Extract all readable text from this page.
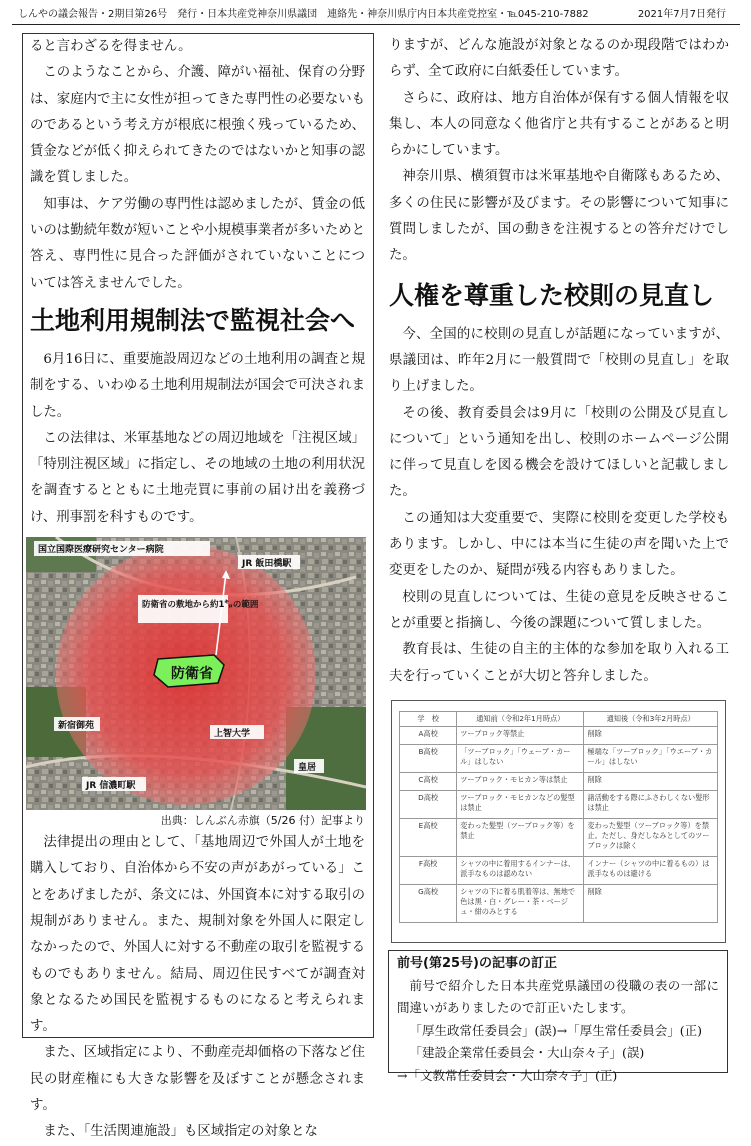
しんやの議会報告・2期目第26号　発行・日本共産党神奈川県議団　連絡先・神奈川県庁内日本共産党控室・℡045-210-7882	2021年7月7日発行

ると言わざるを得ません。

このようなことから、介護、障がい福祉、保育の分野は、家庭内で主に女性が担ってきた専門性の必要ないものであるという考え方が根底に根強く残っているため、賃金などが低く抑えられてきたのではないかと知事の認識を質しました。

知事は、ケア労働の専門性は認めましたが、賃金の低いのは勤続年数が短いことや小規模事業者が多いためと答え、専門性に見合った評価がされていないことについては答えませんでした。

土地利用規制法で監視社会へ

6月16日に、重要施設周辺などの土地利用の調査と規制をする、いわゆる土地利用規制法が国会で可決されました。

この法律は、米軍基地などの周辺地域を「注視区域」「特別注視区域」に指定し、その地域の土地の利用状況を調査するとともに土地売買に事前の届け出を義務づけ、刑事罰を科すものです。

国立国際医療研究センター病院
JR 飯田橋駅
防衛省の敷地から約1㌔の範囲
新宿御苑
上智大学
皇居
JR 信濃町駅
防衛省
出典：しんぶん赤旗（5/26 付）記事より

法律提出の理由として、「基地周辺で外国人が土地を購入しており、自治体から不安の声があがっている」ことをあげましたが、条文には、外国資本に対する取引の規制がありません。また、規制対象を外国人に限定しなかったので、外国人に対する不動産の取引を監視するものでもありません。結局、周辺住民すべてが調査対象となるため国民を監視するものになると考えられます。

また、区域指定により、不動産売却価格の下落など住民の財産権にも大きな影響を及ぼすことが懸念されます。

また、「生活関連施設」も区域指定の対象とな

りますが、どんな施設が対象となるのか現段階ではわからず、全て政府に白紙委任しています。

さらに、政府は、地方自治体が保有する個人情報を収集し、本人の同意なく他省庁と共有することがあると明らかにしています。

神奈川県、横須賀市は米軍基地や自衛隊もあるため、多くの住民に影響が及びます。その影響について知事に質問しましたが、国の動きを注視するとの答弁だけでした。

人権を尊重した校則の見直し

今、全国的に校則の見直しが話題になっていますが、県議団は、昨年2月に一般質問で「校則の見直し」を取り上げました。

その後、教育委員会は9月に「校則の公開及び見直しについて」という通知を出し、校則のホームページ公開に伴って見直しを図る機会を設けてほしいと記載しました。

この通知は大変重要で、実際に校則を変更した学校もあります。しかし、中には本当に生徒の声を聞いた上で変更をしたのか、疑問が残る内容もありました。

校則の見直しについては、生徒の意見を反映させることが重要と指摘し、今後の課題について質しました。

教育長は、生徒の自主的主体的な参加を取り入れる工夫を行っていくことが大切と答弁しました。

学　校	通知前（令和2年1月時点）	通知後（令和3年2月時点）
A高校	ツーブロック等禁止	削除
B高校	「ツーブロック」「ウェーブ・カール」はしない	極端な「ツーブロック」「ウエーブ・カール」はしない
C高校	ツーブロック・モヒカン等は禁止	削除
D高校	ツーブロック・モヒカンなどの髪型は禁止	諸活動をする際にふさわしくない髪形は禁止
E高校	変わった髪型（ツーブロック等）を禁止	変わった髪型（ツーブロック等）を禁止。ただし、身だしなみとしてのツーブロックは除く
F高校	シャツの中に着用するインナーは、派手なものは認めない	インナー（シャツの中に着るもの）は派手なものは避ける
G高校	シャツの下に着る肌着等は、無地で色は黒・白・グレー・茶・ベージュ・紺のみとする	削除
前号(第25号)の記事の訂正

前号で紹介した日本共産党県議団の役職の表の一部に間違いがありましたので訂正いたします。

「厚生政常任委員会」(誤)→「厚生常任委員会」(正)

「建設企業常任委員会・大山奈々子」(誤)

→「文教常任委員会・大山奈々子」(正)
